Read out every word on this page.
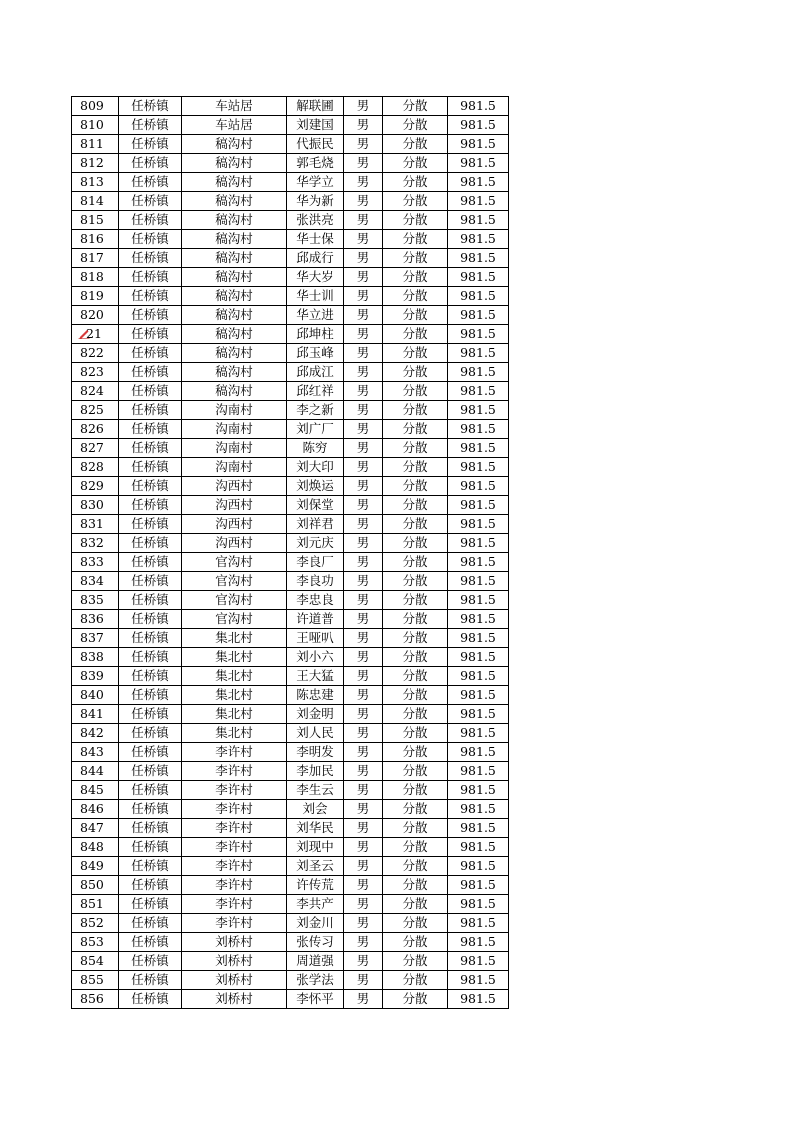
809	任桥镇	车站居	解联圃	男	分散	981.5
810	任桥镇	车站居	刘建国	男	分散	981.5
811	任桥镇	稿沟村	代振民	男	分散	981.5
812	任桥镇	稿沟村	郭毛烧	男	分散	981.5
813	任桥镇	稿沟村	华学立	男	分散	981.5
814	任桥镇	稿沟村	华为新	男	分散	981.5
815	任桥镇	稿沟村	张洪亮	男	分散	981.5
816	任桥镇	稿沟村	华士保	男	分散	981.5
817	任桥镇	稿沟村	邱成行	男	分散	981.5
818	任桥镇	稿沟村	华大岁	男	分散	981.5
819	任桥镇	稿沟村	华士训	男	分散	981.5
820	任桥镇	稿沟村	华立进	男	分散	981.5

21	任桥镇	稿沟村	邱坤柱	男	分散	981.5
822	任桥镇	稿沟村	邱玉峰	男	分散	981.5
823	任桥镇	稿沟村	邱成江	男	分散	981.5
824	任桥镇	稿沟村	邱红祥	男	分散	981.5
825	任桥镇	沟南村	李之新	男	分散	981.5
826	任桥镇	沟南村	刘广厂	男	分散	981.5
827	任桥镇	沟南村	陈穷	男	分散	981.5
828	任桥镇	沟南村	刘大印	男	分散	981.5
829	任桥镇	沟西村	刘焕运	男	分散	981.5
830	任桥镇	沟西村	刘保堂	男	分散	981.5
831	任桥镇	沟西村	刘祥君	男	分散	981.5
832	任桥镇	沟西村	刘元庆	男	分散	981.5
833	任桥镇	官沟村	李良厂	男	分散	981.5
834	任桥镇	官沟村	李良功	男	分散	981.5
835	任桥镇	官沟村	李忠良	男	分散	981.5
836	任桥镇	官沟村	许道普	男	分散	981.5
837	任桥镇	集北村	王哑叭	男	分散	981.5
838	任桥镇	集北村	刘小六	男	分散	981.5
839	任桥镇	集北村	王大猛	男	分散	981.5
840	任桥镇	集北村	陈忠建	男	分散	981.5
841	任桥镇	集北村	刘金明	男	分散	981.5
842	任桥镇	集北村	刘人民	男	分散	981.5
843	任桥镇	李许村	李明发	男	分散	981.5
844	任桥镇	李许村	李加民	男	分散	981.5
845	任桥镇	李许村	李生云	男	分散	981.5
846	任桥镇	李许村	刘会	男	分散	981.5
847	任桥镇	李许村	刘华民	男	分散	981.5
848	任桥镇	李许村	刘现中	男	分散	981.5
849	任桥镇	李许村	刘圣云	男	分散	981.5
850	任桥镇	李许村	许传荒	男	分散	981.5
851	任桥镇	李许村	李共产	男	分散	981.5
852	任桥镇	李许村	刘金川	男	分散	981.5
853	任桥镇	刘桥村	张传习	男	分散	981.5
854	任桥镇	刘桥村	周道强	男	分散	981.5
855	任桥镇	刘桥村	张学法	男	分散	981.5
856	任桥镇	刘桥村	李怀平	男	分散	981.5
